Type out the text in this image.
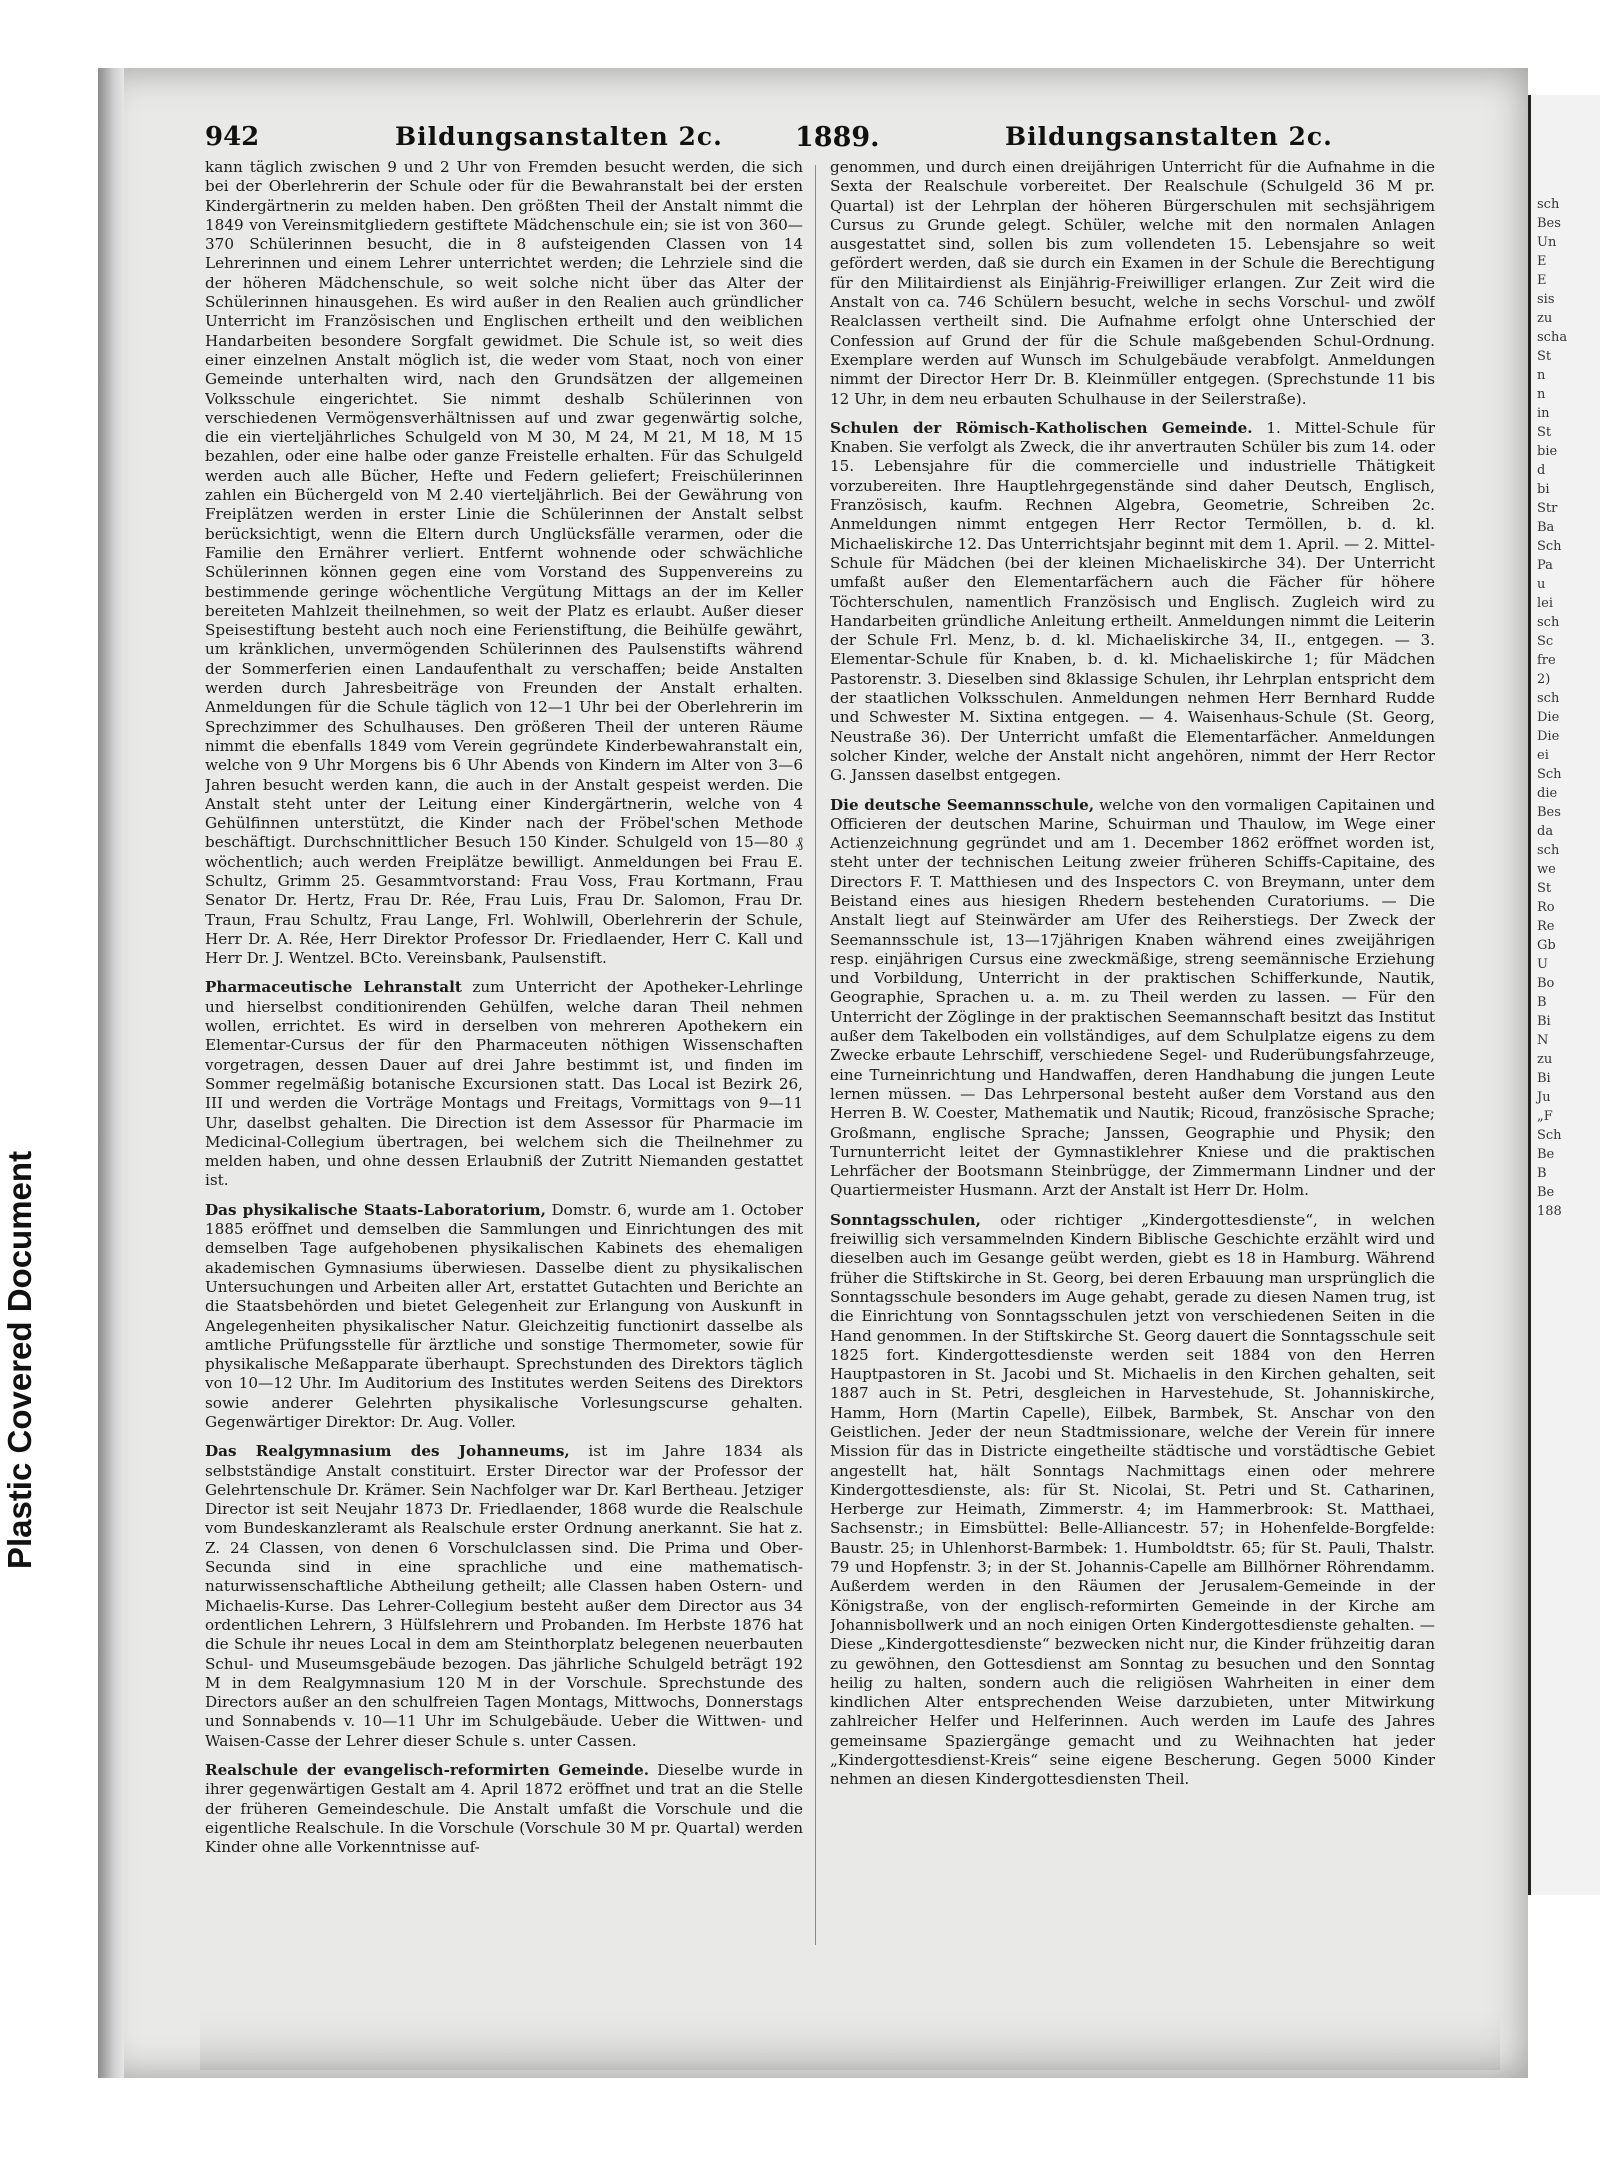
Plastic Covered Document
sch
Bes
Un
E
E
sis
zu
scha
St
n
n
in
St
bie
d
bi
Str
Ba
Sch
Pa
u
lei
sch
Sc
fre
2)
sch
Die
Die
ei
Sch
die
Bes
da
sch
we
St
Ro
Re
Gb
U
Bo
B
Bi
N
zu
Bi
Ju
„F
Sch
Be
B
Be
188
942	Bildungsanstalten 2c.	1889.	Bildungsanstalten 2c.

kann täglich zwischen 9 und 2 Uhr von Fremden besucht werden, die sich bei der Oberlehrerin der Schule oder für die Bewahranstalt bei der ersten Kindergärtnerin zu melden haben. Den größten Theil der Anstalt nimmt die 1849 von Vereinsmitgliedern gestiftete Mädchenschule ein; sie ist von 360—370 Schülerinnen besucht, die in 8 aufsteigenden Classen von 14 Lehrerinnen und einem Lehrer unterrichtet werden; die Lehrziele sind die der höheren Mädchenschule, so weit solche nicht über das Alter der Schülerinnen hinausgehen. Es wird außer in den Realien auch gründlicher Unterricht im Französischen und Englischen ertheilt und den weiblichen Handarbeiten besondere Sorgfalt gewidmet. Die Schule ist, so weit dies einer einzelnen Anstalt möglich ist, die weder vom Staat, noch von einer Gemeinde unterhalten wird, nach den Grundsätzen der allgemeinen Volksschule eingerichtet. Sie nimmt deshalb Schülerinnen von verschiedenen Vermögensverhältnissen auf und zwar gegenwärtig solche, die ein vierteljährliches Schulgeld von M 30, M 24, M 21, M 18, M 15 bezahlen, oder eine halbe oder ganze Freistelle erhalten. Für das Schulgeld werden auch alle Bücher, Hefte und Federn geliefert; Freischülerinnen zahlen ein Büchergeld von M 2.40 vierteljährlich. Bei der Gewährung von Freiplätzen werden in erster Linie die Schülerinnen der Anstalt selbst berücksichtigt, wenn die Eltern durch Unglücksfälle verarmen, oder die Familie den Ernährer verliert. Entfernt wohnende oder schwächliche Schülerinnen können gegen eine vom Vorstand des Suppenvereins zu bestimmende geringe wöchentliche Vergütung Mittags an der im Keller bereiteten Mahlzeit theilnehmen, so weit der Platz es erlaubt. Außer dieser Speisestiftung besteht auch noch eine Ferienstiftung, die Beihülfe gewährt, um kränklichen, unvermögenden Schülerinnen des Paulsenstifts während der Sommerferien einen Landaufenthalt zu verschaffen; beide Anstalten werden durch Jahresbeiträge von Freunden der Anstalt erhalten. Anmeldungen für die Schule täglich von 12—1 Uhr bei der Oberlehrerin im Sprechzimmer des Schulhauses. Den größeren Theil der unteren Räume nimmt die ebenfalls 1849 vom Verein gegründete Kinderbewahranstalt ein, welche von 9 Uhr Morgens bis 6 Uhr Abends von Kindern im Alter von 3—6 Jahren besucht werden kann, die auch in der Anstalt gespeist werden. Die Anstalt steht unter der Leitung einer Kindergärtnerin, welche von 4 Gehülfinnen unterstützt, die Kinder nach der Fröbel'schen Methode beschäftigt. Durchschnittlicher Besuch 150 Kinder. Schulgeld von 15—80 ₰ wöchentlich; auch werden Freiplätze bewilligt. Anmeldungen bei Frau E. Schultz, Grimm 25. Gesammtvorstand: Frau Voss, Frau Kortmann, Frau Senator Dr. Hertz, Frau Dr. Rée, Frau Luis, Frau Dr. Salomon, Frau Dr. Traun, Frau Schultz, Frau Lange, Frl. Wohlwill, Oberlehrerin der Schule, Herr Dr. A. Rée, Herr Direktor Professor Dr. Friedlaender, Herr C. Kall und Herr Dr. J. Wentzel. BCto. Vereinsbank, Paulsenstift.

Pharmaceutische Lehranstalt zum Unterricht der Apotheker-Lehrlinge und hierselbst conditionirenden Gehülfen, welche daran Theil nehmen wollen, errichtet. Es wird in derselben von mehreren Apothekern ein Elementar-Cursus der für den Pharmaceuten nöthigen Wissenschaften vorgetragen, dessen Dauer auf drei Jahre bestimmt ist, und finden im Sommer regelmäßig botanische Excursionen statt. Das Local ist Bezirk 26, III und werden die Vorträge Montags und Freitags, Vormittags von 9—11 Uhr, daselbst gehalten. Die Direction ist dem Assessor für Pharmacie im Medicinal-Collegium übertragen, bei welchem sich die Theilnehmer zu melden haben, und ohne dessen Erlaubniß der Zutritt Niemanden gestattet ist.

Das physikalische Staats-Laboratorium, Domstr. 6, wurde am 1. October 1885 eröffnet und demselben die Sammlungen und Einrichtungen des mit demselben Tage aufgehobenen physikalischen Kabinets des ehemaligen akademischen Gymnasiums überwiesen. Dasselbe dient zu physikalischen Untersuchungen und Arbeiten aller Art, erstattet Gutachten und Berichte an die Staatsbehörden und bietet Gelegenheit zur Erlangung von Auskunft in Angelegenheiten physikalischer Natur. Gleichzeitig functionirt dasselbe als amtliche Prüfungsstelle für ärztliche und sonstige Thermometer, sowie für physikalische Meßapparate überhaupt. Sprechstunden des Direktors täglich von 10—12 Uhr. Im Auditorium des Institutes werden Seitens des Direktors sowie anderer Gelehrten physikalische Vorlesungscurse gehalten. Gegenwärtiger Direktor: Dr. Aug. Voller.

Das Realgymnasium des Johanneums, ist im Jahre 1834 als selbstständige Anstalt constituirt. Erster Director war der Professor der Gelehrtenschule Dr. Krämer. Sein Nachfolger war Dr. Karl Bertheau. Jetziger Director ist seit Neujahr 1873 Dr. Friedlaender, 1868 wurde die Realschule vom Bundeskanzleramt als Realschule erster Ordnung anerkannt. Sie hat z. Z. 24 Classen, von denen 6 Vorschulclassen sind. Die Prima und Ober-Secunda sind in eine sprachliche und eine mathematisch-naturwissenschaftliche Abtheilung getheilt; alle Classen haben Ostern- und Michaelis-Kurse. Das Lehrer-Collegium besteht außer dem Director aus 34 ordentlichen Lehrern, 3 Hülfslehrern und Probanden. Im Herbste 1876 hat die Schule ihr neues Local in dem am Steinthorplatz belegenen neuerbauten Schul- und Museumsgebäude bezogen. Das jährliche Schulgeld beträgt 192 M in dem Realgymnasium 120 M in der Vorschule. Sprechstunde des Directors außer an den schulfreien Tagen Montags, Mittwochs, Donnerstags und Sonnabends v. 10—11 Uhr im Schulgebäude. Ueber die Wittwen- und Waisen-Casse der Lehrer dieser Schule s. unter Cassen.

Realschule der evangelisch-reformirten Gemeinde. Dieselbe wurde in ihrer gegenwärtigen Gestalt am 4. April 1872 eröffnet und trat an die Stelle der früheren Gemeindeschule. Die Anstalt umfaßt die Vorschule und die eigentliche Realschule. In die Vorschule (Vorschule 30 M pr. Quartal) werden Kinder ohne alle Vorkenntnisse auf-

genommen, und durch einen dreijährigen Unterricht für die Aufnahme in die Sexta der Realschule vorbereitet. Der Realschule (Schulgeld 36 M pr. Quartal) ist der Lehrplan der höheren Bürgerschulen mit sechsjährigem Cursus zu Grunde gelegt. Schüler, welche mit den normalen Anlagen ausgestattet sind, sollen bis zum vollendeten 15. Lebensjahre so weit gefördert werden, daß sie durch ein Examen in der Schule die Berechtigung für den Militairdienst als Einjährig-Freiwilliger erlangen. Zur Zeit wird die Anstalt von ca. 746 Schülern besucht, welche in sechs Vorschul- und zwölf Realclassen vertheilt sind. Die Aufnahme erfolgt ohne Unterschied der Confession auf Grund der für die Schule maßgebenden Schul-Ordnung. Exemplare werden auf Wunsch im Schulgebäude verabfolgt. Anmeldungen nimmt der Director Herr Dr. B. Kleinmüller entgegen. (Sprechstunde 11 bis 12 Uhr, in dem neu erbauten Schulhause in der Seilerstraße).

Schulen der Römisch-Katholischen Gemeinde. 1. Mittel-Schule für Knaben. Sie verfolgt als Zweck, die ihr anvertrauten Schüler bis zum 14. oder 15. Lebensjahre für die commercielle und industrielle Thätigkeit vorzubereiten. Ihre Hauptlehrgegenstände sind daher Deutsch, Englisch, Französisch, kaufm. Rechnen Algebra, Geometrie, Schreiben 2c. Anmeldungen nimmt entgegen Herr Rector Termöllen, b. d. kl. Michaeliskirche 12. Das Unterrichtsjahr beginnt mit dem 1. April. — 2. Mittel-Schule für Mädchen (bei der kleinen Michaeliskirche 34). Der Unterricht umfaßt außer den Elementarfächern auch die Fächer für höhere Töchterschulen, namentlich Französisch und Englisch. Zugleich wird zu Handarbeiten gründliche Anleitung ertheilt. Anmeldungen nimmt die Leiterin der Schule Frl. Menz, b. d. kl. Michaeliskirche 34, II., entgegen. — 3. Elementar-Schule für Knaben, b. d. kl. Michaeliskirche 1; für Mädchen Pastorenstr. 3. Dieselben sind 8klassige Schulen, ihr Lehrplan entspricht dem der staatlichen Volksschulen. Anmeldungen nehmen Herr Bernhard Rudde und Schwester M. Sixtina entgegen. — 4. Waisenhaus-Schule (St. Georg, Neustraße 36). Der Unterricht umfaßt die Elementarfächer. Anmeldungen solcher Kinder, welche der Anstalt nicht angehören, nimmt der Herr Rector G. Janssen daselbst entgegen.

Die deutsche Seemannsschule, welche von den vormaligen Capitainen und Officieren der deutschen Marine, Schuirman und Thaulow, im Wege einer Actienzeichnung gegründet und am 1. December 1862 eröffnet worden ist, steht unter der technischen Leitung zweier früheren Schiffs-Capitaine, des Directors F. T. Matthiesen und des Inspectors C. von Breymann, unter dem Beistand eines aus hiesigen Rhedern bestehenden Curatoriums. — Die Anstalt liegt auf Steinwärder am Ufer des Reiherstiegs. Der Zweck der Seemannsschule ist, 13—17jährigen Knaben während eines zweijährigen resp. einjährigen Cursus eine zweckmäßige, streng seemännische Erziehung und Vorbildung, Unterricht in der praktischen Schifferkunde, Nautik, Geographie, Sprachen u. a. m. zu Theil werden zu lassen. — Für den Unterricht der Zöglinge in der praktischen Seemannschaft besitzt das Institut außer dem Takelboden ein vollständiges, auf dem Schulplatze eigens zu dem Zwecke erbaute Lehrschiff, verschiedene Segel- und Ruderübungsfahrzeuge, eine Turneinrichtung und Handwaffen, deren Handhabung die jungen Leute lernen müssen. — Das Lehrpersonal besteht außer dem Vorstand aus den Herren B. W. Coester, Mathematik und Nautik; Ricoud, französische Sprache; Großmann, englische Sprache; Janssen, Geographie und Physik; den Turnunterricht leitet der Gymnastiklehrer Kniese und die praktischen Lehrfächer der Bootsmann Steinbrügge, der Zimmermann Lindner und der Quartiermeister Husmann. Arzt der Anstalt ist Herr Dr. Holm.

Sonntagsschulen, oder richtiger „Kindergottesdienste“, in welchen freiwillig sich versammelnden Kindern Biblische Geschichte erzählt wird und dieselben auch im Gesange geübt werden, giebt es 18 in Hamburg. Während früher die Stiftskirche in St. Georg, bei deren Erbauung man ursprünglich die Sonntagsschule besonders im Auge gehabt, gerade zu diesen Namen trug, ist die Einrichtung von Sonntagsschulen jetzt von verschiedenen Seiten in die Hand genommen. In der Stiftskirche St. Georg dauert die Sonntagsschule seit 1825 fort. Kindergottesdienste werden seit 1884 von den Herren Hauptpastoren in St. Jacobi und St. Michaelis in den Kirchen gehalten, seit 1887 auch in St. Petri, desgleichen in Harvestehude, St. Johanniskirche, Hamm, Horn (Martin Capelle), Eilbek, Barmbek, St. Anschar von den Geistlichen. Jeder der neun Stadtmissionare, welche der Verein für innere Mission für das in Districte eingetheilte städtische und vorstädtische Gebiet angestellt hat, hält Sonntags Nachmittags einen oder mehrere Kindergottesdienste, als: für St. Nicolai, St. Petri und St. Catharinen, Herberge zur Heimath, Zimmerstr. 4; im Hammerbrook: St. Matthaei, Sachsenstr.; in Eimsbüttel: Belle-Alliancestr. 57; in Hohenfelde-Borgfelde: Baustr. 25; in Uhlenhorst-Barmbek: 1. Humboldtstr. 65; für St. Pauli, Thalstr. 79 und Hopfenstr. 3; in der St. Johannis-Capelle am Billhörner Röhrendamm. Außerdem werden in den Räumen der Jerusalem-Gemeinde in der Königstraße, von der englisch-reformirten Gemeinde in der Kirche am Johannisbollwerk und an noch einigen Orten Kindergottesdienste gehalten. — Diese „Kindergottesdienste“ bezwecken nicht nur, die Kinder frühzeitig daran zu gewöhnen, den Gottesdienst am Sonntag zu besuchen und den Sonntag heilig zu halten, sondern auch die religiösen Wahrheiten in einer dem kindlichen Alter entsprechenden Weise darzubieten, unter Mitwirkung zahlreicher Helfer und Helferinnen. Auch werden im Laufe des Jahres gemeinsame Spaziergänge gemacht und zu Weihnachten hat jeder „Kindergottesdienst-Kreis“ seine eigene Bescherung. Gegen 5000 Kinder nehmen an diesen Kindergottesdiensten Theil.
